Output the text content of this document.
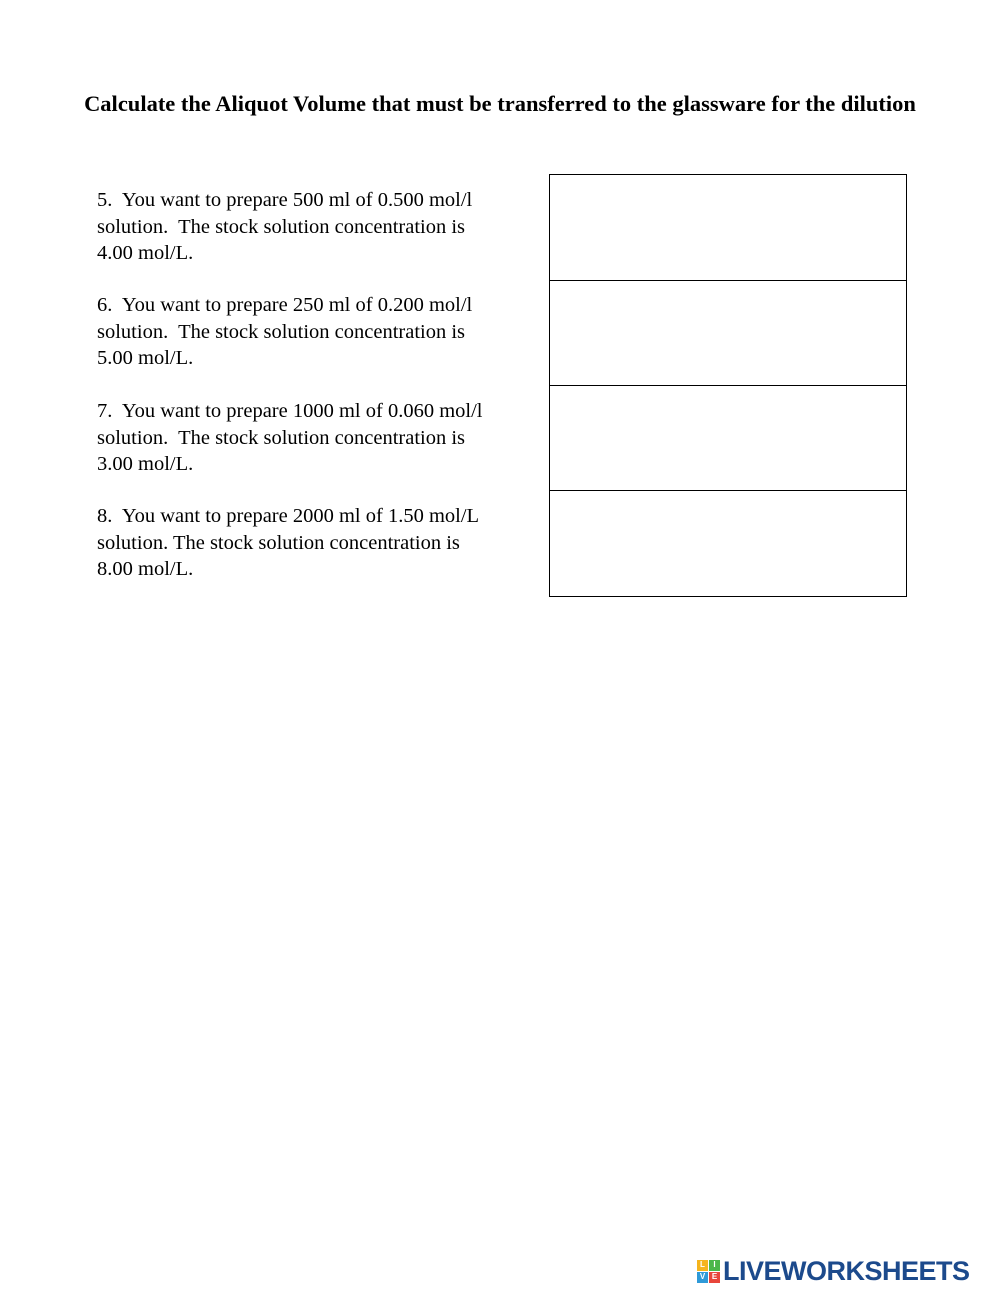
Calculate the Aliquot Volume that must be transferred to the glassware for the dilution

5.  You want to prepare 500 ml of 0.500 mol/l
solution.  The stock solution concentration is
4.00 mol/L.

6.  You want to prepare 250 ml of 0.200 mol/l
solution.  The stock solution concentration is
5.00 mol/L.

7.  You want to prepare 1000 ml of 0.060 mol/l
solution.  The stock solution concentration is
3.00 mol/L.

8.  You want to prepare 2000 ml of 1.50 mol/L
solution. The stock solution concentration is
8.00 mol/L.

L	I
V E LIVEWORKSHEETS
